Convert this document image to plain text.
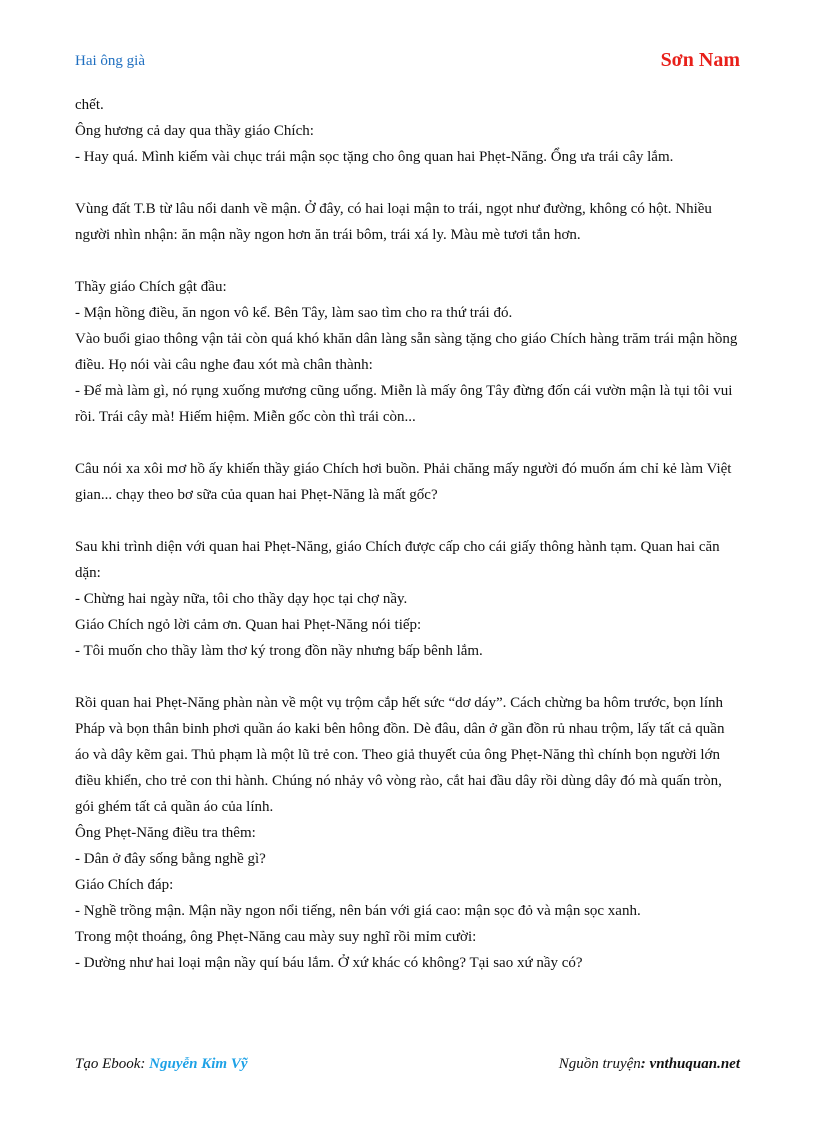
Hai ông già	Sơn Nam

chết.

Ông hương cả day qua thầy giáo Chích:

- Hay quá. Mình kiếm vài chục trái mận sọc tặng cho ông quan hai Phẹt-Năng. Ổng ưa trái cây lắm.

Vùng đất T.B từ lâu nổi danh về mận. Ở đây, có hai loại mận to trái, ngọt như đường, không có hột. Nhiều người nhìn nhận: ăn mận nầy ngon hơn ăn trái bôm, trái xá ly. Màu mè tươi tắn hơn.

Thầy giáo Chích gật đầu:

- Mận hồng điều, ăn ngon vô kể. Bên Tây, làm sao tìm cho ra thứ trái đó.

Vào buổi giao thông vận tải còn quá khó khăn dân làng sẵn sàng tặng cho giáo Chích hàng trăm trái mận hồng điều. Họ nói vài câu nghe đau xót mà chân thành:

- Để mà làm gì, nó rụng xuống mương cũng uổng. Miễn là mấy ông Tây đừng đốn cái vườn mận là tụi tôi vui rồi. Trái cây mà! Hiếm hiệm. Miễn gốc còn thì trái còn...

Câu nói xa xôi mơ hồ ấy khiến thầy giáo Chích hơi buồn. Phải chăng mấy người đó muốn ám chỉ kẻ làm Việt gian... chạy theo bơ sữa của quan hai Phẹt-Năng là mất gốc?

Sau khi trình diện với quan hai Phẹt-Năng, giáo Chích được cấp cho cái giấy thông hành tạm. Quan hai căn dặn:

- Chừng hai ngày nữa, tôi cho thầy dạy học tại chợ nầy.

Giáo Chích ngỏ lời cảm ơn. Quan hai Phẹt-Năng nói tiếp:

- Tôi muốn cho thầy làm thơ ký trong đồn nầy nhưng bấp bênh lắm.

Rồi quan hai Phẹt-Năng phàn nàn về một vụ trộm cắp hết sức “dơ dáy”. Cách chừng ba hôm trước, bọn lính Pháp và bọn thân binh phơi quần áo kaki bên hông đồn. Dè đâu, dân ở gần đồn rủ nhau trộm, lấy tất cả quần áo và dây kẽm gai. Thủ phạm là một lũ trẻ con. Theo giả thuyết của ông Phẹt-Năng thì chính bọn người lớn điều khiển, cho trẻ con thi hành. Chúng nó nhảy vô vòng rào, cắt hai đầu dây rồi dùng dây đó mà quấn tròn, gói ghém tất cả quần áo của lính.

Ông Phẹt-Năng điều tra thêm:

- Dân ở đây sống bằng nghề gì?

Giáo Chích đáp:

- Nghề trồng mận. Mận nầy ngon nổi tiếng, nên bán với giá cao: mận sọc đỏ và mận sọc xanh.

Trong một thoáng, ông Phẹt-Năng cau mày suy nghĩ rồi mỉm cười:

- Dường như hai loại mận nầy quí báu lắm. Ở xứ khác có không? Tại sao xứ nầy có?

Tạo Ebook: Nguyễn Kim Vỹ	Nguồn truyện: vnthuquan.net
